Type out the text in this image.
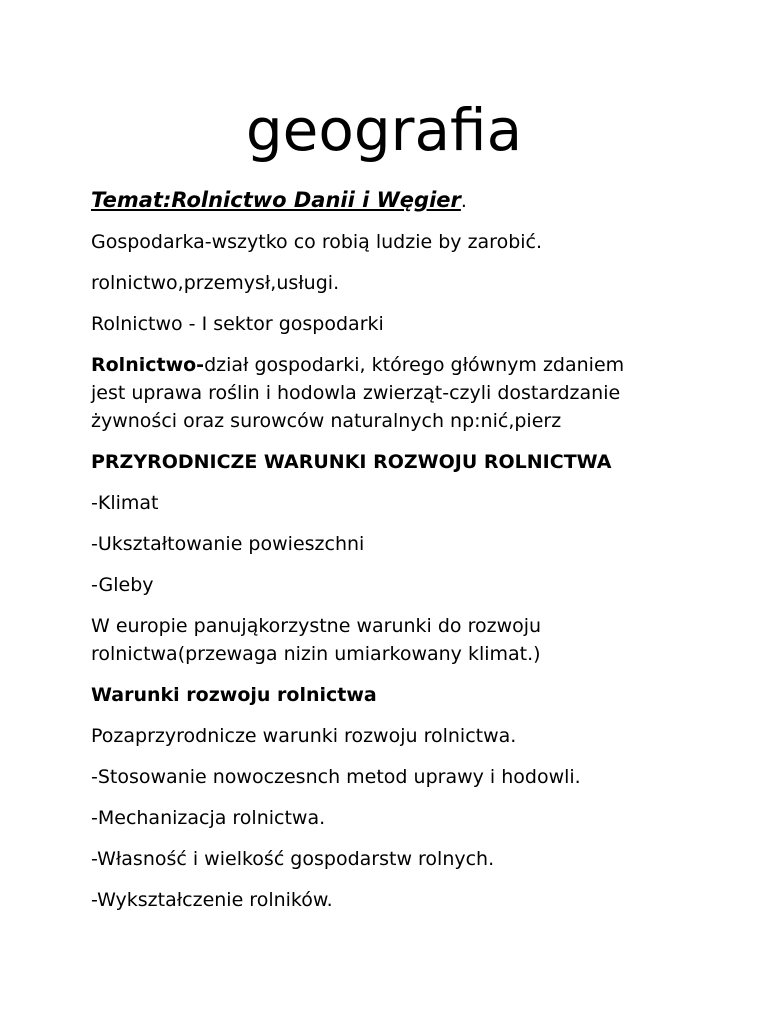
geografia
Temat:Rolnictwo Danii i Węgier.
Gospodarka-wszytko co robią ludzie by zarobić.
rolnictwo,przemysł,usługi.
Rolnictwo - I sektor gospodarki
Rolnictwo-dział gospodarki, którego głównym zdaniem
jest uprawa roślin i hodowla zwierząt-czyli dostardzanie
żywności oraz surowców naturalnych np:nić,pierz
PRZYRODNICZE WARUNKI ROZWOJU ROLNICTWA
-Klimat
-Ukształtowanie powieszchni
-Gleby
W europie panująkorzystne warunki do rozwoju
rolnictwa(przewaga nizin umiarkowany klimat.)
Warunki rozwoju rolnictwa
Pozaprzyrodnicze warunki rozwoju rolnictwa.
-Stosowanie nowoczesnch metod uprawy i hodowli.
-Mechanizacja rolnictwa.
-Własność i wielkość gospodarstw rolnych.
-Wykształczenie rolników.
